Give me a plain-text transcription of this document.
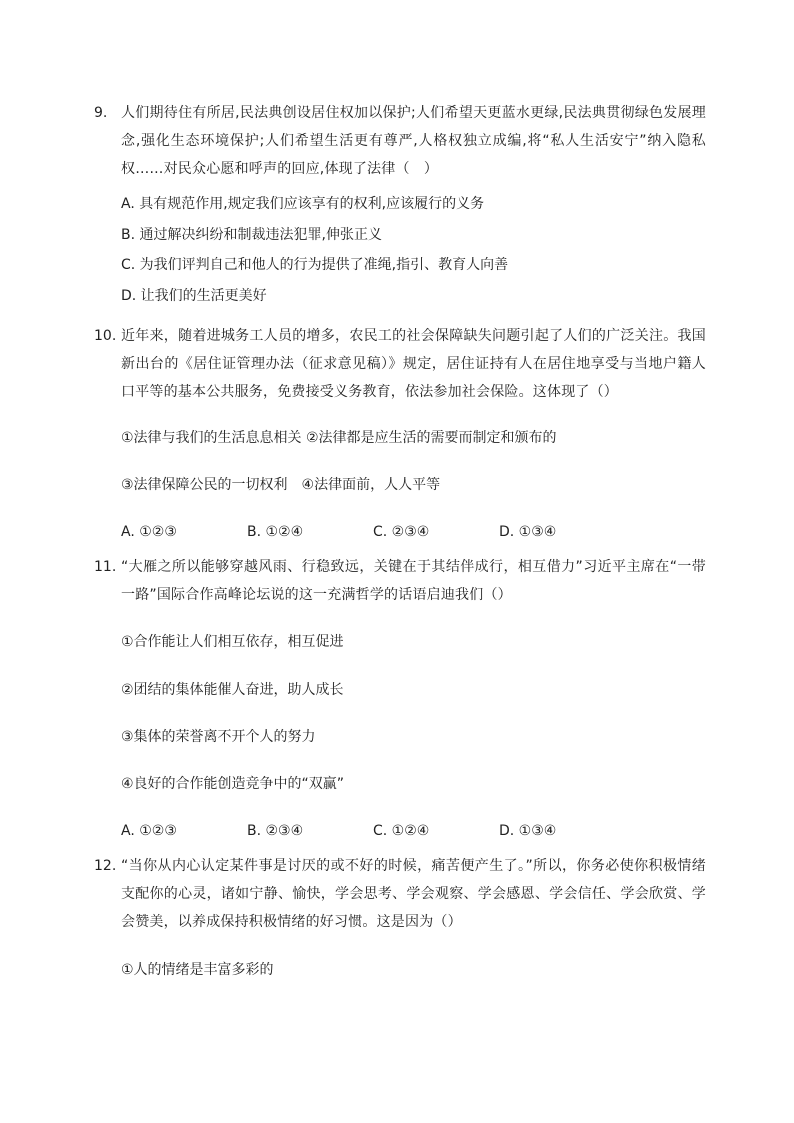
9. 人们期待住有所居,民法典创设居住权加以保护;人们希望天更蓝水更绿,民法典贯彻绿色发展理念,强化生态环境保护;人们希望生活更有尊严,人格权独立成编,将“私人生活安宁”纳入隐私权……对民众心愿和呼声的回应,体现了法律（　）
A. 具有规范作用,规定我们应该享有的权利,应该履行的义务
B. 通过解决纠纷和制裁违法犯罪,伸张正义
C. 为我们评判自己和他人的行为提供了准绳,指引、教育人向善
D. 让我们的生活更美好
10. 近年来，随着进城务工人员的增多，农民工的社会保障缺失问题引起了人们的广泛关注。我国新出台的《居住证管理办法（征求意见稿）》规定，居住证持有人在居住地享受与当地户籍人口平等的基本公共服务，免费接受义务教育，依法参加社会保险。这体现了（）
①法律与我们的生活息息相关 ②法律都是应生活的需要而制定和颁布的
③法律保障公民的一切权利　④法律面前，人人平等
A. ①②③	B. ①②④	C. ②③④	D. ①③④
11. “大雁之所以能够穿越风雨、行稳致远，关键在于其结伴成行，相互借力”习近平主席在“一带一路”国际合作高峰论坛说的这一充满哲学的话语启迪我们（）
①合作能让人们相互依存，相互促进
②团结的集体能催人奋进，助人成长
③集体的荣誉离不开个人的努力
④良好的合作能创造竞争中的“双赢”
A. ①②③	B. ②③④	C. ①②④	D. ①③④
12. “当你从内心认定某件事是讨厌的或不好的时候，痛苦便产生了。”所以，你务必使你积极情绪支配你的心灵，诸如宁静、愉快，学会思考、学会观察、学会感恩、学会信任、学会欣赏、学会赞美，以养成保持积极情绪的好习惯。这是因为（）
①人的情绪是丰富多彩的
